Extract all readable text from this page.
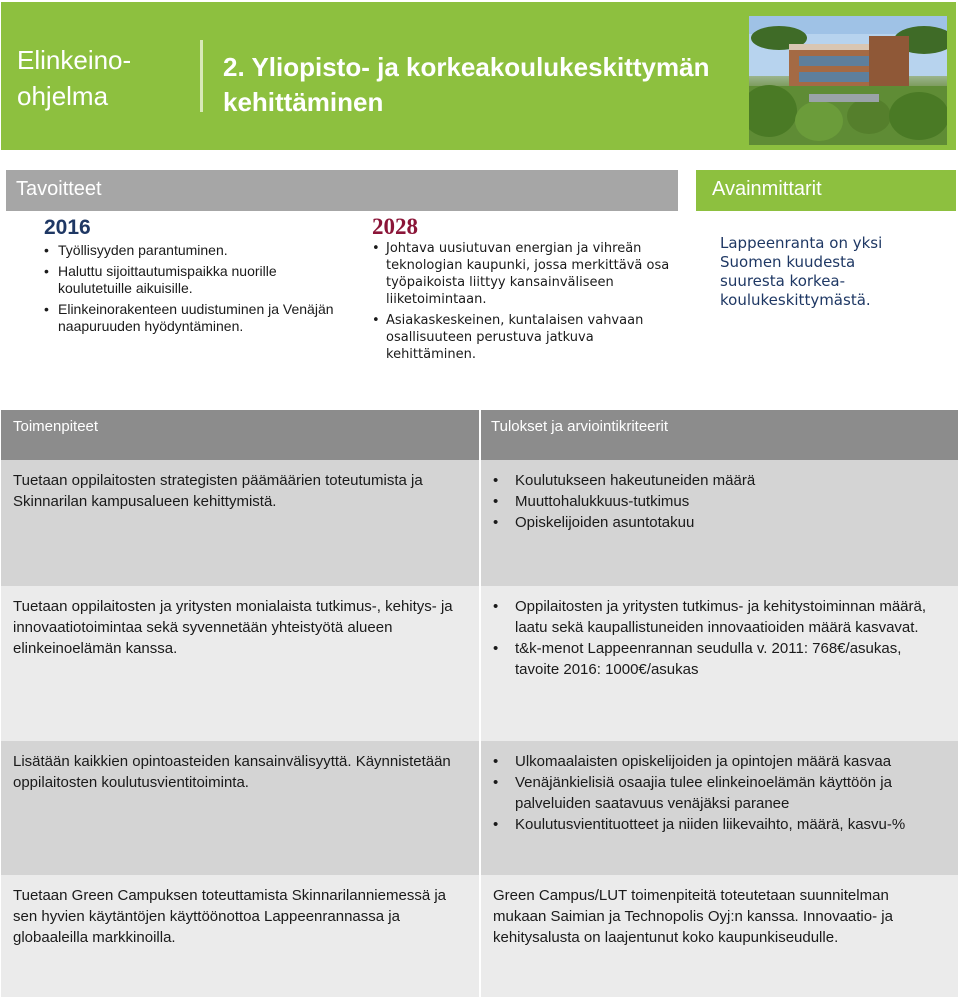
Elinkeino-ohjelma
2. Yliopisto- ja korkeakoulukeskittymän kehittäminen
Tavoitteet	Avainmittarit
2016
• Työllisyyden parantuminen.
• Haluttu sijoittautumispaikka nuorille koulutetuille aikuisille.
• Elinkeinorakenteen uudistuminen ja Venäjän naapuruuden hyödyntäminen.
2028
• Johtava uusiutuvan energian ja vihreän teknologian kaupunki, jossa merkittävä osa työpaikoista liittyy kansainväliseen liiketoimintaan.
• Asiakaskeskeinen, kuntalaisen vahvaan osallisuuteen perustuva jatkuva kehittäminen.
Lappeenranta on yksi Suomen kuudesta suuresta korkea-koulukeskittymästä.
Toimenpiteet	Tulokset ja arviointikriteerit
Tuetaan oppilaitosten strategisten päämäärien toteutumista ja Skinnarilan kampusalueen kehittymistä.
• Koulutukseen hakeutuneiden määrä
• Muuttohalukkuus-tutkimus
• Opiskelijoiden asuntotakuu
Tuetaan oppilaitosten ja yritysten monialaista tutkimus-, kehitys- ja innovaatiotoimintaa sekä syvennetään yhteistyötä alueen elinkeinoelämän kanssa.
• Oppilaitosten ja yritysten tutkimus- ja kehitystoiminnan määrä, laatu sekä kaupallistuneiden innovaatioiden määrä kasvavat.
• t&k-menot Lappeenrannan seudulla v. 2011: 768€/asukas, tavoite 2016: 1000€/asukas
Lisätään kaikkien opintoasteiden kansainvälisyyttä. Käynnistetään oppilaitosten koulutusvientitoiminta.
• Ulkomaalaisten opiskelijoiden ja opintojen määrä kasvaa
• Venäjänkielisiä osaajia tulee elinkeinoelämän käyttöön ja palveluiden saatavuus venäjäksi paranee
• Koulutusvientituotteet ja niiden liikevaihto, määrä, kasvu-%
Tuetaan Green Campuksen toteuttamista Skinnarilanniemessä ja sen hyvien käytäntöjen käyttöönottoa Lappeenrannassa ja globaaleilla markkinoilla.
Green Campus/LUT toimenpiteitä toteutetaan suunnitelman mukaan Saimian ja Technopolis Oyj:n kanssa. Innovaatio- ja kehitysalusta on laajentunut koko kaupunkiseudulle.
